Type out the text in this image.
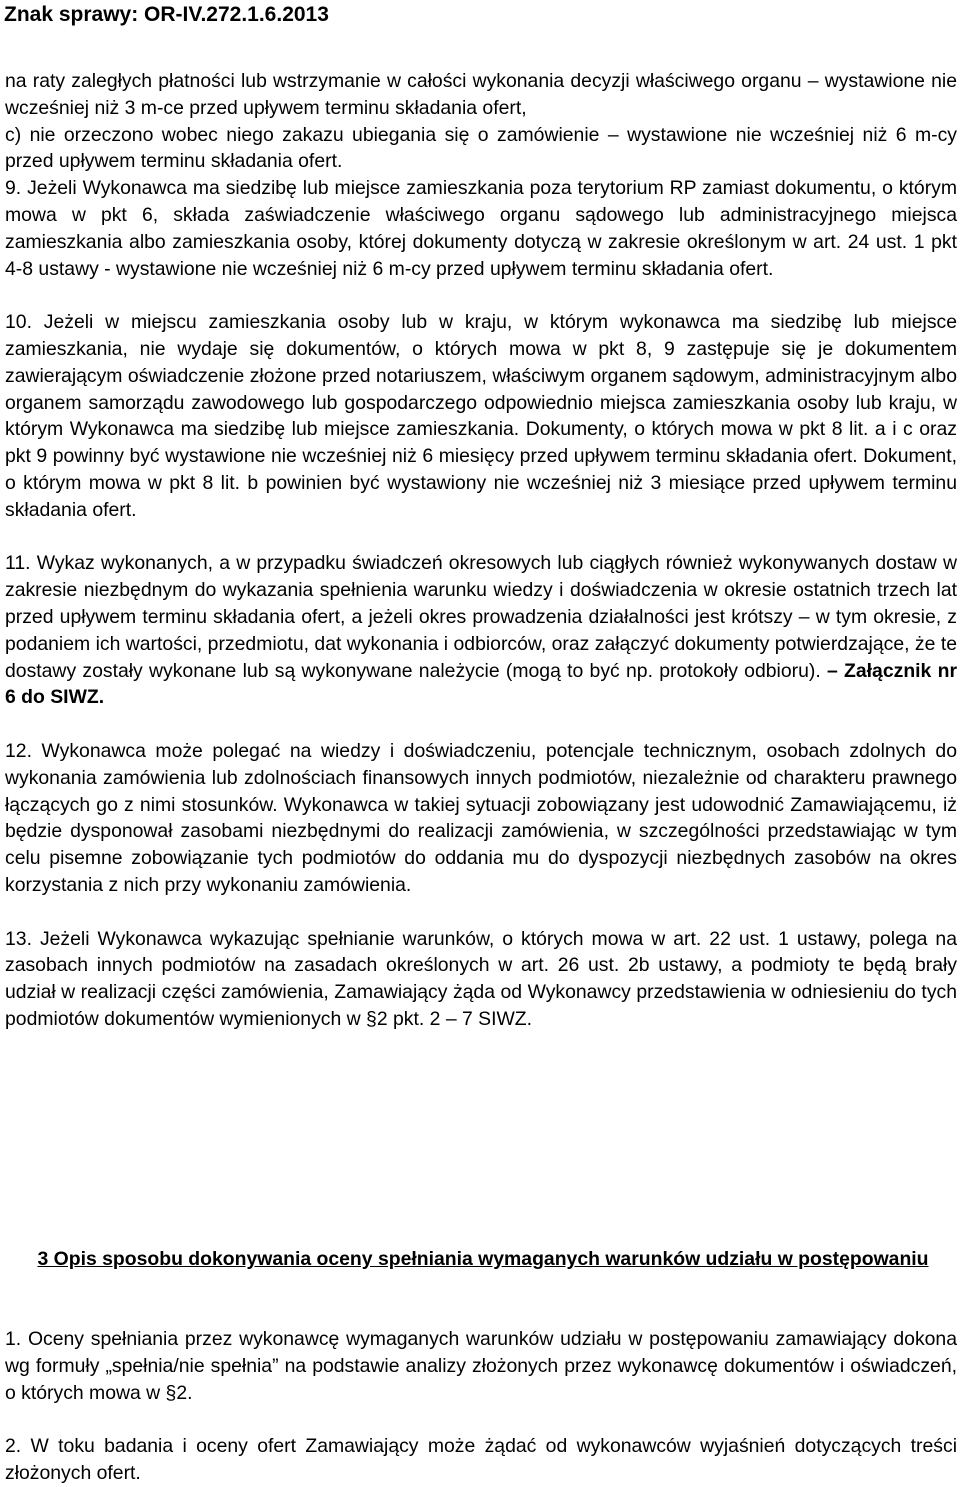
Znak sprawy: OR-IV.272.1.6.2013

na raty zaległych płatności lub wstrzymanie w całości wykonania decyzji właściwego organu – wystawione nie wcześniej niż 3 m-ce przed upływem terminu składania ofert,

c) nie orzeczono wobec niego zakazu ubiegania się o zamówienie – wystawione nie wcześniej niż 6 m-cy przed upływem terminu składania ofert.

9. Jeżeli Wykonawca ma siedzibę lub miejsce zamieszkania poza terytorium RP zamiast dokumentu, o którym mowa w pkt 6, składa zaświadczenie właściwego organu sądowego lub administracyjnego miejsca zamieszkania albo zamieszkania osoby, której dokumenty dotyczą w zakresie określonym w art. 24 ust. 1 pkt 4-8 ustawy - wystawione nie wcześniej niż 6 m-cy przed upływem terminu składania ofert.

10. Jeżeli w miejscu zamieszkania osoby lub w kraju, w którym wykonawca ma siedzibę lub miejsce zamieszkania, nie wydaje się dokumentów, o których mowa w pkt 8, 9 zastępuje się je dokumentem zawierającym oświadczenie złożone przed notariuszem, właściwym organem sądowym, administracyjnym albo organem samorządu zawodowego lub gospodarczego odpowiednio miejsca zamieszkania osoby lub kraju, w którym Wykonawca ma siedzibę lub miejsce zamieszkania. Dokumenty, o których mowa w pkt 8 lit. a i c oraz pkt 9 powinny być wystawione nie wcześniej niż 6 miesięcy przed upływem terminu składania ofert. Dokument, o którym mowa w pkt 8 lit. b powinien być wystawiony nie wcześniej niż 3 miesiące przed upływem terminu składania ofert.

11. Wykaz wykonanych, a w przypadku świadczeń okresowych lub ciągłych również wykonywanych dostaw w zakresie niezbędnym do wykazania spełnienia warunku wiedzy i doświadczenia w okresie ostatnich trzech lat przed upływem terminu składania ofert, a jeżeli okres prowadzenia działalności jest krótszy – w tym okresie, z podaniem ich wartości, przedmiotu, dat wykonania i odbiorców, oraz załączyć dokumenty potwierdzające, że te dostawy zostały wykonane lub są wykonywane należycie (mogą to być np. protokoły odbioru). – Załącznik nr 6 do SIWZ.

12. Wykonawca może polegać na wiedzy i doświadczeniu, potencjale technicznym, osobach zdolnych do wykonania zamówienia lub zdolnościach finansowych innych podmiotów, niezależnie od charakteru prawnego łączących go z nimi stosunków. Wykonawca w takiej sytuacji zobowiązany jest udowodnić Zamawiającemu, iż będzie dysponował zasobami niezbędnymi do realizacji zamówienia, w szczególności przedstawiając w tym celu pisemne zobowiązanie tych podmiotów do oddania mu do dyspozycji niezbędnych zasobów na okres korzystania z nich przy wykonaniu zamówienia.

13. Jeżeli Wykonawca wykazując spełnianie warunków, o których mowa w art. 22 ust. 1 ustawy, polega na zasobach innych podmiotów na zasadach określonych w art. 26 ust. 2b ustawy, a podmioty te będą brały udział w realizacji części zamówienia, Zamawiający żąda od Wykonawcy przedstawienia w odniesieniu do tych podmiotów dokumentów wymienionych w §2 pkt. 2 – 7 SIWZ.

3 Opis sposobu dokonywania oceny spełniania wymaganych warunków udziału w postępowaniu

1. Oceny spełniania przez wykonawcę wymaganych warunków udziału w postępowaniu zamawiający dokona wg formuły „spełnia/nie spełnia” na podstawie analizy złożonych przez wykonawcę dokumentów i oświadczeń, o których mowa w §2.

2. W toku badania i oceny ofert Zamawiający może żądać od wykonawców wyjaśnień dotyczących treści złożonych ofert.
